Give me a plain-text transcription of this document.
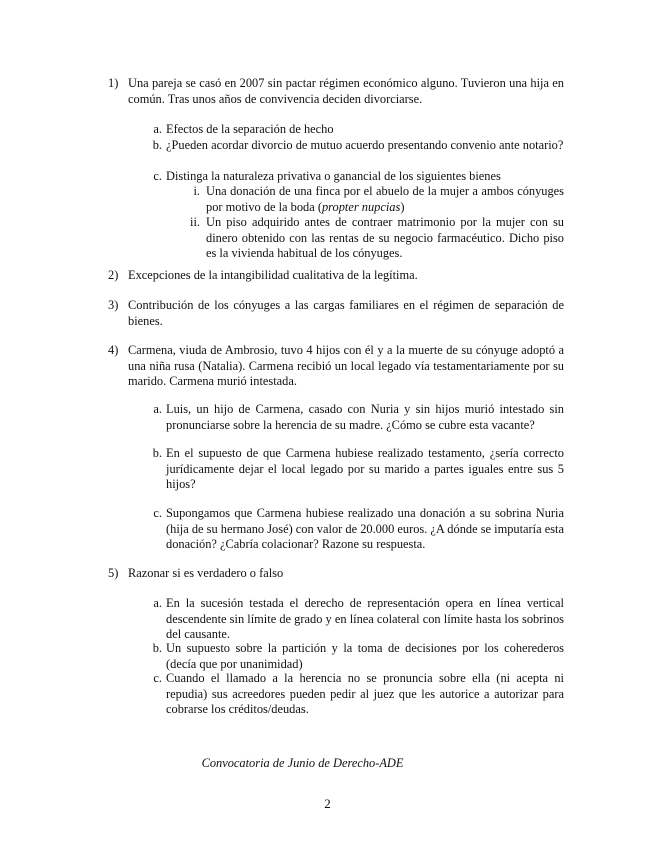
1) Una pareja se casó en 2007 sin pactar régimen económico alguno. Tuvieron una hija en común. Tras unos años de convivencia deciden divorciarse.
a. Efectos de la separación de hecho
b. ¿Pueden acordar divorcio de mutuo acuerdo presentando convenio ante notario?
c. Distinga la naturaleza privativa o ganancial de los siguientes bienes
i. Una donación de una finca por el abuelo de la mujer a ambos cónyuges por motivo de la boda (propter nupcias)
ii. Un piso adquirido antes de contraer matrimonio por la mujer con su dinero obtenido con las rentas de su negocio farmacéutico. Dicho piso es la vivienda habitual de los cónyuges.
2) Excepciones de la intangibilidad cualitativa de la legítima.
3) Contribución de los cónyuges a las cargas familiares en el régimen de separación de bienes.
4) Carmena, viuda de Ambrosio, tuvo 4 hijos con él y a la muerte de su cónyuge adoptó a una niña rusa (Natalia). Carmena recibió un local legado vía testamentariamente por su marido. Carmena murió intestada.
a. Luis, un hijo de Carmena, casado con Nuria y sin hijos murió intestado sin pronunciarse sobre la herencia de su madre. ¿Cómo se cubre esta vacante?
b. En el supuesto de que Carmena hubiese realizado testamento, ¿sería correcto jurídicamente dejar el local legado por su marido a partes iguales entre sus 5 hijos?
c. Supongamos que Carmena hubiese realizado una donación a su sobrina Nuria (hija de su hermano José) con valor de 20.000 euros. ¿A dónde se imputaría esta donación? ¿Cabría colacionar? Razone su respuesta.
5) Razonar si es verdadero o falso
a. En la sucesión testada el derecho de representación opera en línea vertical descendente sin límite de grado y en línea colateral con límite hasta los sobrinos del causante.
b. Un supuesto sobre la partición y la toma de decisiones por los coherederos (decía que por unanimidad)
c. Cuando el llamado a la herencia no se pronuncia sobre ella (ni acepta ni repudia) sus acreedores pueden pedir al juez que les autorice a autorizar para cobrarse los créditos/deudas.
Convocatoria de Junio de Derecho-ADE
2
